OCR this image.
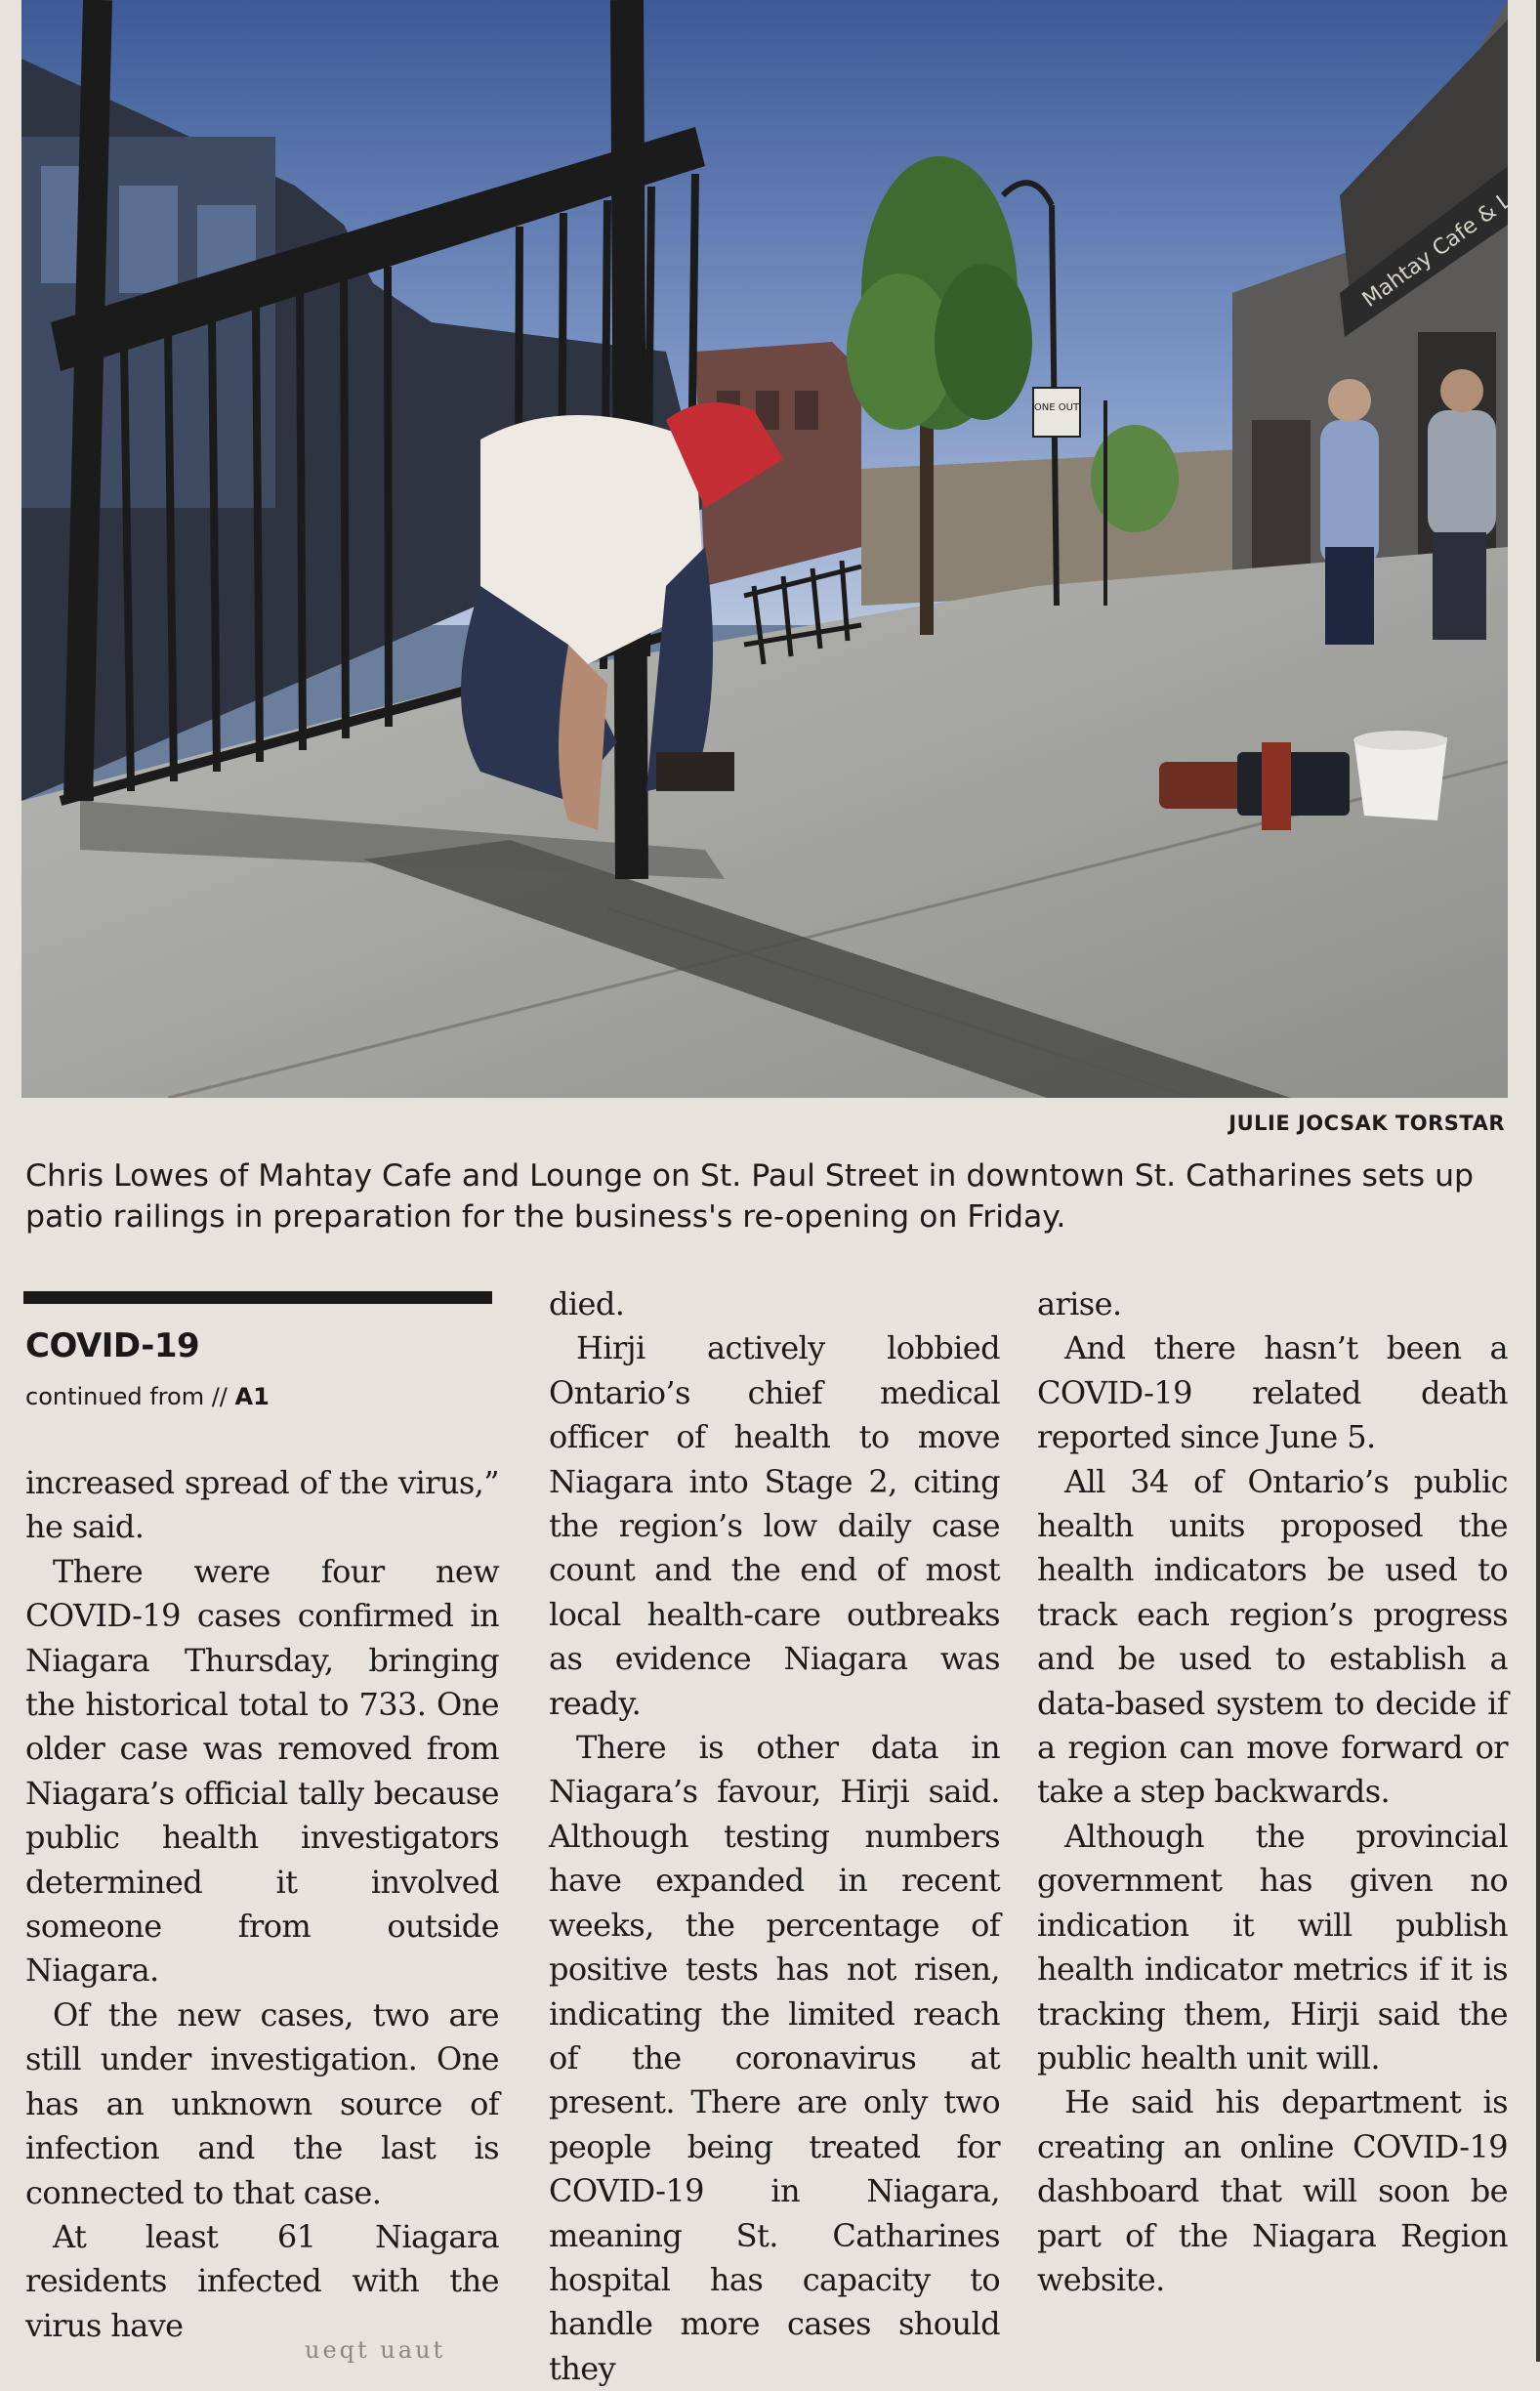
ONE OUT
JULIE JOCSAK TORSTAR
Chris Lowes of Mahtay Cafe and Lounge on St. Paul Street in downtown St. Catharines sets up patio railings in preparation for the business's re-opening on Friday.
COVID-19
continued from // A1

increased spread of the virus,” he said.

There were four new COVID-19 cases confirmed in Niagara Thursday, bringing the historical total to 733. One older case was removed from Niagara’s official tally because public health investigators determined it involved someone from outside Niagara.

Of the new cases, two are still under investigation. One has an unknown source of infection and the last is connected to that case.

At least 61 Niagara residents infected with the virus have

died.

Hirji actively lobbied Ontario’s chief medical officer of health to move Niagara into Stage 2, citing the region’s low daily case count and the end of most local health-care outbreaks as evidence Niagara was ready.

There is other data in Niagara’s favour, Hirji said. Although testing numbers have expanded in recent weeks, the percentage of positive tests has not risen, indicating the limited reach of the coronavirus at present. There are only two people being treated for COVID-19 in Niagara, meaning St. Catharines hospital has capacity to handle more cases should they

arise.

And there hasn’t been a COVID-19 related death reported since June 5.

All 34 of Ontario’s public health units proposed the health indicators be used to track each region’s progress and be used to establish a data-based system to decide if a region can move forward or take a step backwards.

Although the provincial government has given no indication it will publish health indicator metrics if it is tracking them, Hirji said the public health unit will.

He said his department is creating an online COVID-19 dashboard that will soon be part of the Niagara Region website.

ueqt uaut
